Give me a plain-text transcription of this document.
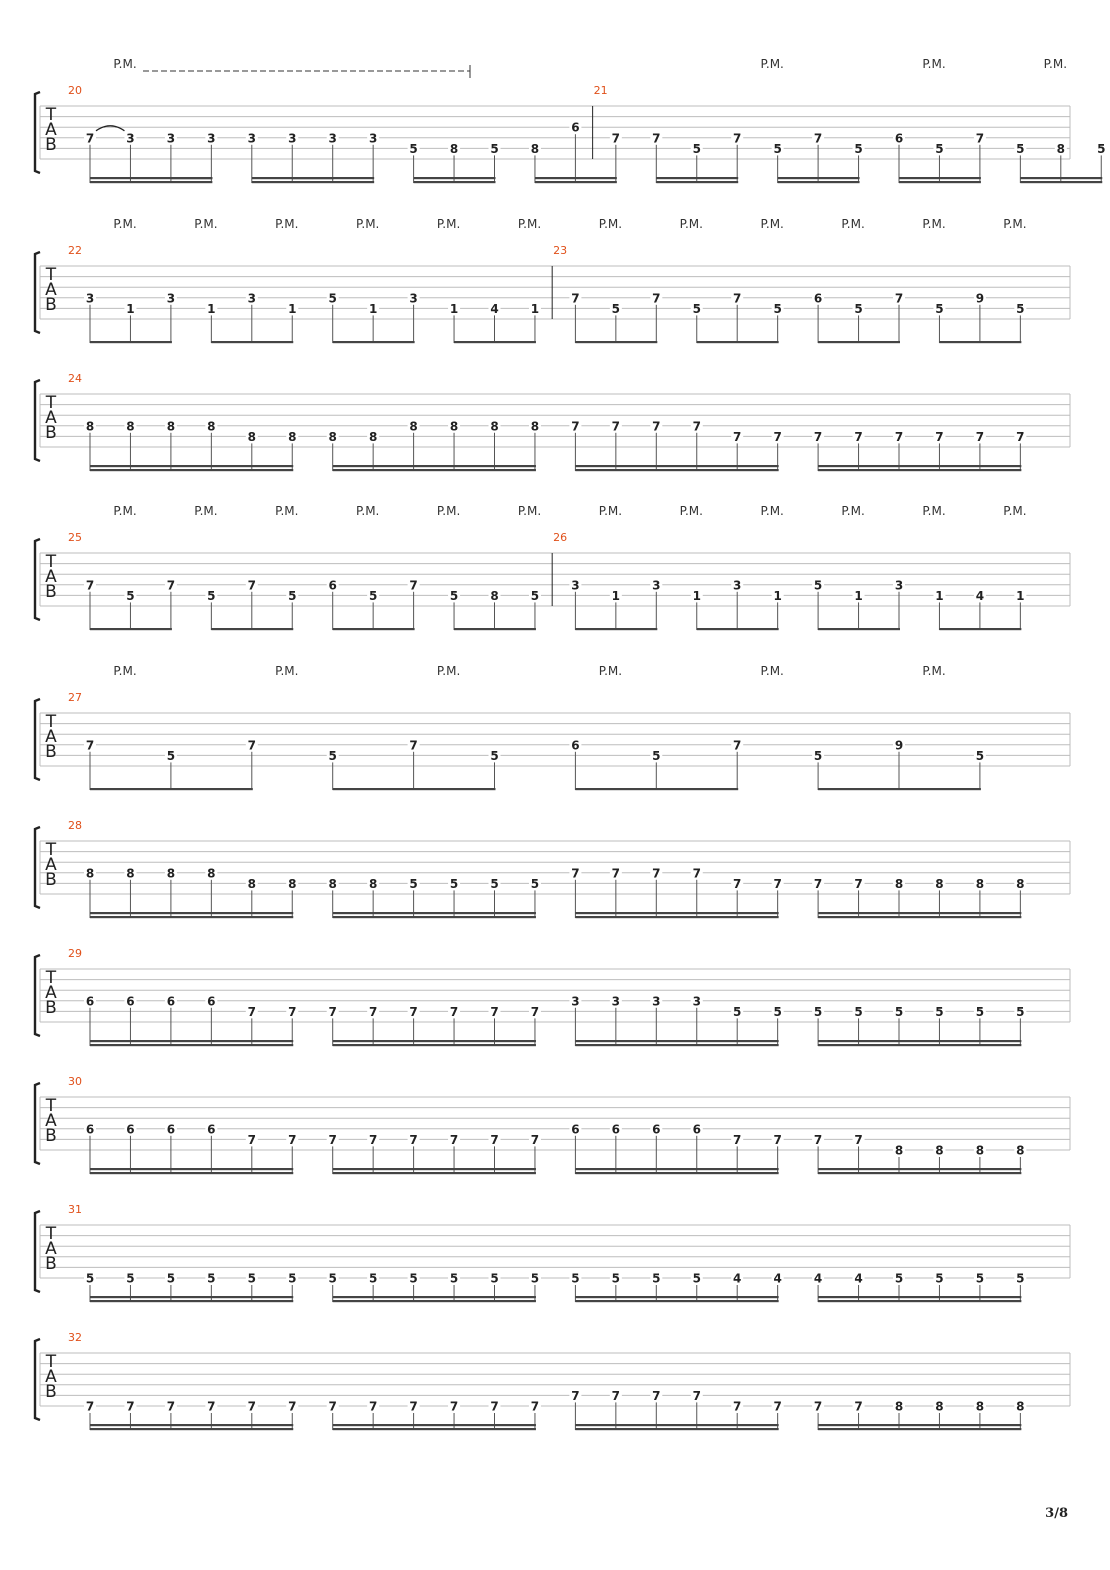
T
A
B
20	21
P.M.	P.M.	P.M.	P.M.
7	3	3	3	3	3	3	3
5	8	5	8
6
7	7
5
7
5
7
5
6
5
7
5	8	5
T
A
B
22	23
P.M.	P.M.	P.M.	P.M.	P.M.	P.M.	P.M.	P.M.	P.M.	P.M.	P.M.	P.M.
3
1
3
1
3
1
5
1
3
1	4	1
7
5
7
5
7
5
6
5
7
5
9
5
T
A
B
24
8	8	8	8
8	8	8	8
8	8	8	8	7	7	7	7
7	7	7	7	7	7	7	7
T
A
B
25	26
P.M.	P.M.	P.M.	P.M.	P.M.	P.M.	P.M.	P.M.	P.M.	P.M.	P.M.	P.M.
7
5
7
5
7
5
6
5
7
5	8	5
3
1
3
1
3
1
5
1
3
1	4	1
T
A
B
27
P.M.	P.M.	P.M.	P.M.	P.M.	P.M.
7
5
7
5
7
5
6
5
7
5
9
5
T
A
B
28
8	8	8	8
8	8	8	8	5	5	5	5
7	7	7	7
7	7	7	7	8	8	8	8
T
A
B
29
6	6	6	6
7	7	7	7	7	7	7	7
3	3	3	3
5	5	5	5	5	5	5	5
T
A
B
30
6	6	6	6
7	7	7	7	7	7	7	7
6	6	6	6
7	7	7	7
8	8	8	8
T
A
B
31
5	5	5	5	5	5	5	5	5	5	5	5	5	5	5	5	4	4	4	4	5	5	5	5
T
A
B
32
7	7	7	7	7	7	7	7	7	7	7	7
7	7	7	7
7	7	7	7	8	8	8	8
3/8
